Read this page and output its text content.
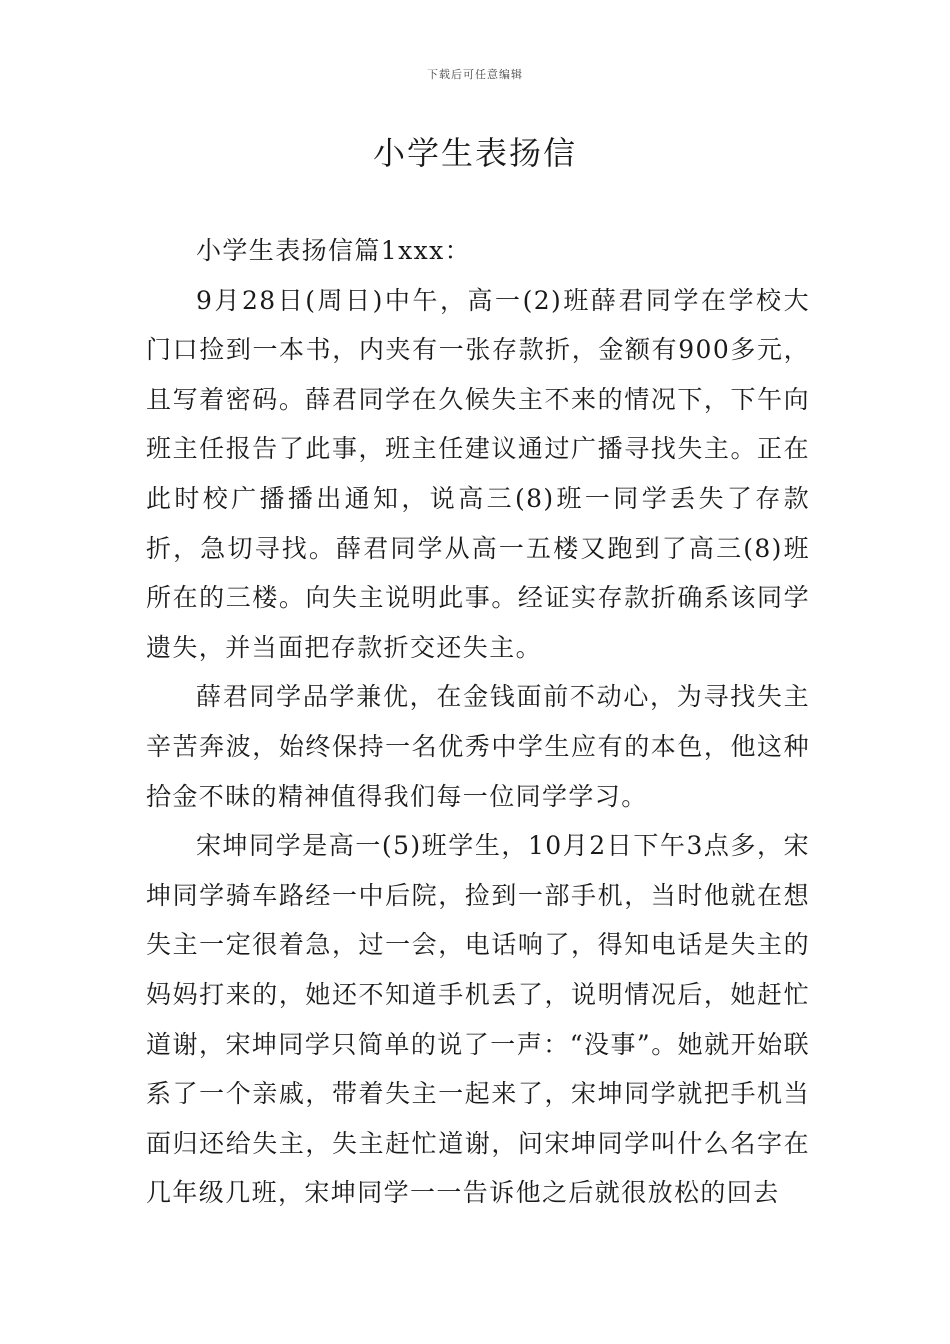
下载后可任意编辑
小学生表扬信

小学生表扬信篇1xxx：

9月28日(周日)中午，高一(2)班薛君同学在学校大门口捡到一本书，内夹有一张存款折，金额有900多元，且写着密码。薛君同学在久候失主不来的情况下，下午向班主任报告了此事，班主任建议通过广播寻找失主。正在此时校广播播出通知，说高三(8)班一同学丢失了存款折，急切寻找。薛君同学从高一五楼又跑到了高三(8)班所在的三楼。向失主说明此事。经证实存款折确系该同学遗失，并当面把存款折交还失主。

薛君同学品学兼优，在金钱面前不动心，为寻找失主辛苦奔波，始终保持一名优秀中学生应有的本色，他这种拾金不昧的精神值得我们每一位同学学习。

宋坤同学是高一(5)班学生，10月2日下午3点多，宋坤同学骑车路经一中后院，捡到一部手机，当时他就在想失主一定很着急，过一会，电话响了，得知电话是失主的妈妈打来的，她还不知道手机丢了，说明情况后，她赶忙道谢，宋坤同学只简单的说了一声：“没事”。她就开始联系了一个亲戚，带着失主一起来了，宋坤同学就把手机当面归还给失主，失主赶忙道谢，问宋坤同学叫什么名字在几年级几班，宋坤同学一一告诉他之后就很放松的回去
